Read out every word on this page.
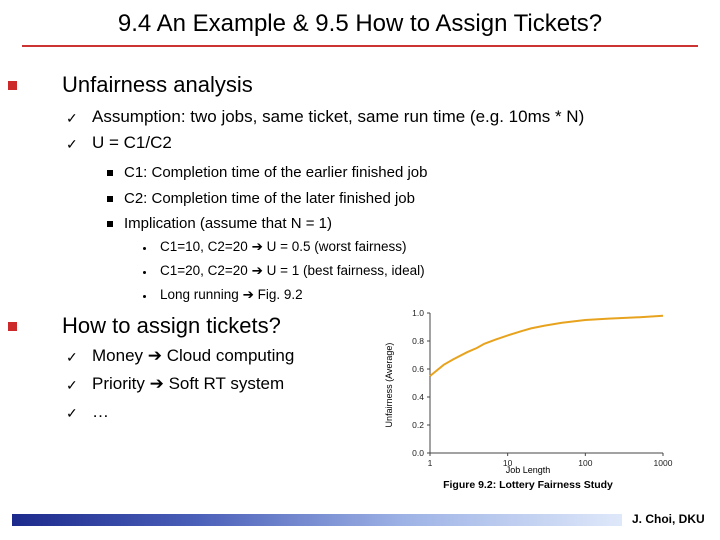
9.4 An Example & 9.5 How to Assign Tickets?
Unfairness analysis
✓ Assumption: two jobs, same ticket, same run time (e.g. 10ms * N)
✓ U = C1/C2
C1: Completion time of the earlier finished job
C2: Completion time of the later finished job
Implication (assume that N = 1)
C1=10, C2=20 ➔ U = 0.5 (worst fairness)
C1=20, C2=20 ➔ U = 1 (best fairness, ideal)
Long running ➔ Fig. 9.2
How to assign tickets?
✓ Money ➔ Cloud computing
✓ Priority ➔ Soft RT system
✓ …
0.0
0.2
0.4
0.6
0.8
1.0
1	10	100	1000
Job Length
Unfairness (Average)
Figure 9.2: Lottery Fairness Study
J. Choi, DKU
